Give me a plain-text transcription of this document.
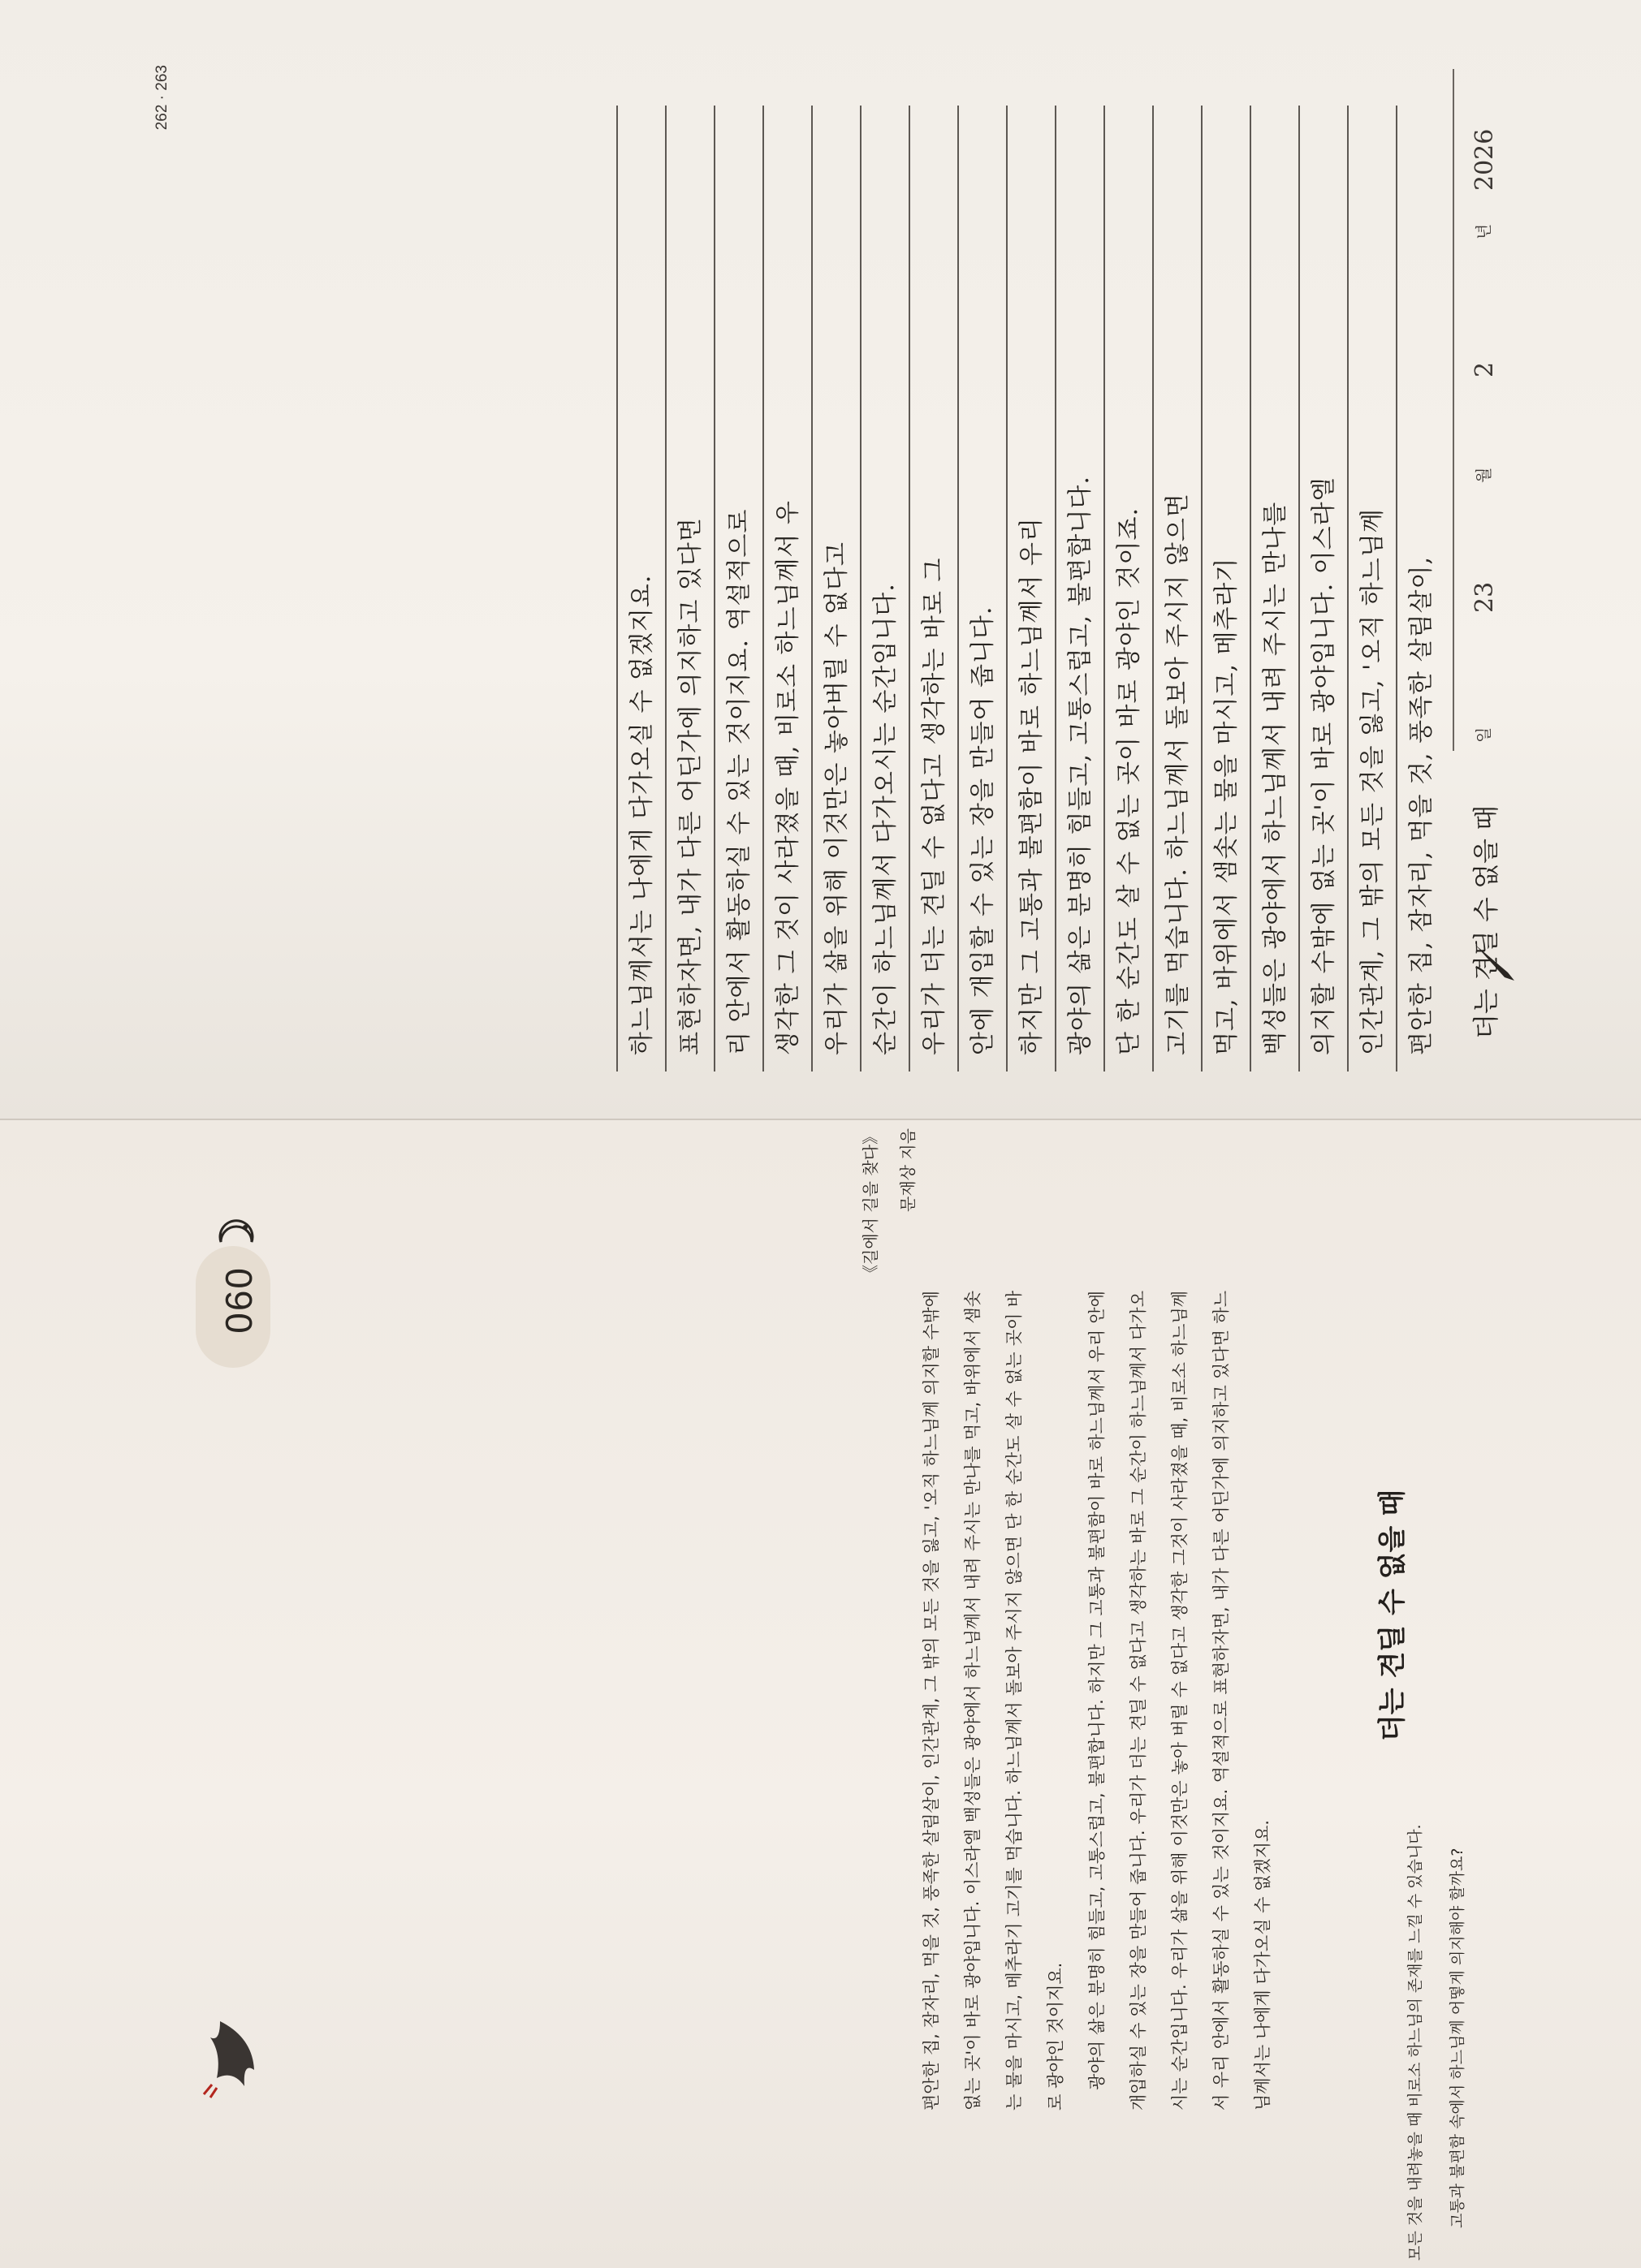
2026
년
2
월
23
일
더는 견딜 수 없을 때
편안한 집, 잠자리, 먹을 것, 풍족한 살림살이,
인간관계, 그 밖의 모든 것을 잃고, '오직 하느님께
의지할 수밖에 없는 곳'이 바로 광야입니다. 이스라엘
백성들은 광야에서 하느님께서 내려 주시는 만나를
먹고, 바위에서 샘솟는 물을 마시고, 메추라기
고기를 먹습니다. 하느님께서 돌보아 주시지 않으면
단 한 순간도 살 수 없는 곳이 바로 광야인 것이죠.
광야의 삶은 분명히 힘들고, 고통스럽고, 불편합니다.
하지만 그 고통과 불편함이 바로 하느님께서 우리
안에 개입할 수 있는 장을 만들어 줍니다.
우리가 더는 견딜 수 없다고 생각하는 바로 그
순간이 하느님께서 다가오시는 순간입니다.
우리가 삶을 위해 이것만은 놓아버릴 수 없다고
생각한 그 것이 사라졌을 때, 비로소 하느님께서 우
리 안에서 활동하실 수 있는 것이지요. 역설적으로
표현하자면, 내가 다른 어딘가에 의지하고 있다면
하느님께서는 나에게 다가오실 수 없겠지요.
262 · 263
060
더는 견딜 수 없을 때

편안한 집, 잠자리, 먹을 것, 풍족한 살림살이, 인간관계, 그 밖의 모든 것을 잃고, '오직 하느님께 의지할 수밖에 없는 곳'이 바로 광야입니다. 이스라엘 백성들은 광야에서 하느님께서 내려 주시는 만나를 먹고, 바위에서 샘솟는 물을 마시고, 메추라기 고기를 먹습니다. 하느님께서 돌보아 주시지 않으면 단 한 순간도 살 수 없는 곳이 바로 광야인 것이지요.	광야의 삶은 분명히 힘들고, 고통스럽고, 불편합니다. 하지만 그 고통과 불편함이 바로 하느님께서 우리 안에 개입하실 수 있는 장을 만들어 줍니다. 우리가 더는 견딜 수 없다고 생각하는 바로 그 순간이 하느님께서 다가오시는 순간입니다. 우리가 삶을 위해 이것만은 놓아 버릴 수 없다고 생각한 그것이 사라졌을 때, 비로소 하느님께서 우리 안에서 활동하실 수 있는 것이지요. 역설적으로 표현하자면, 내가 다른 어딘가에 의지하고 있다면 하느님께서는 나에게 다가오실 수 없겠지요.

《길에서 길을 찾다》	문재상 지음
모든 것을 내려놓을 때 비로소 하느님의 존재를 느낄 수 있습니다.	고통과 불편함 속에서 하느님께 어떻게 의지해야 할까요?
